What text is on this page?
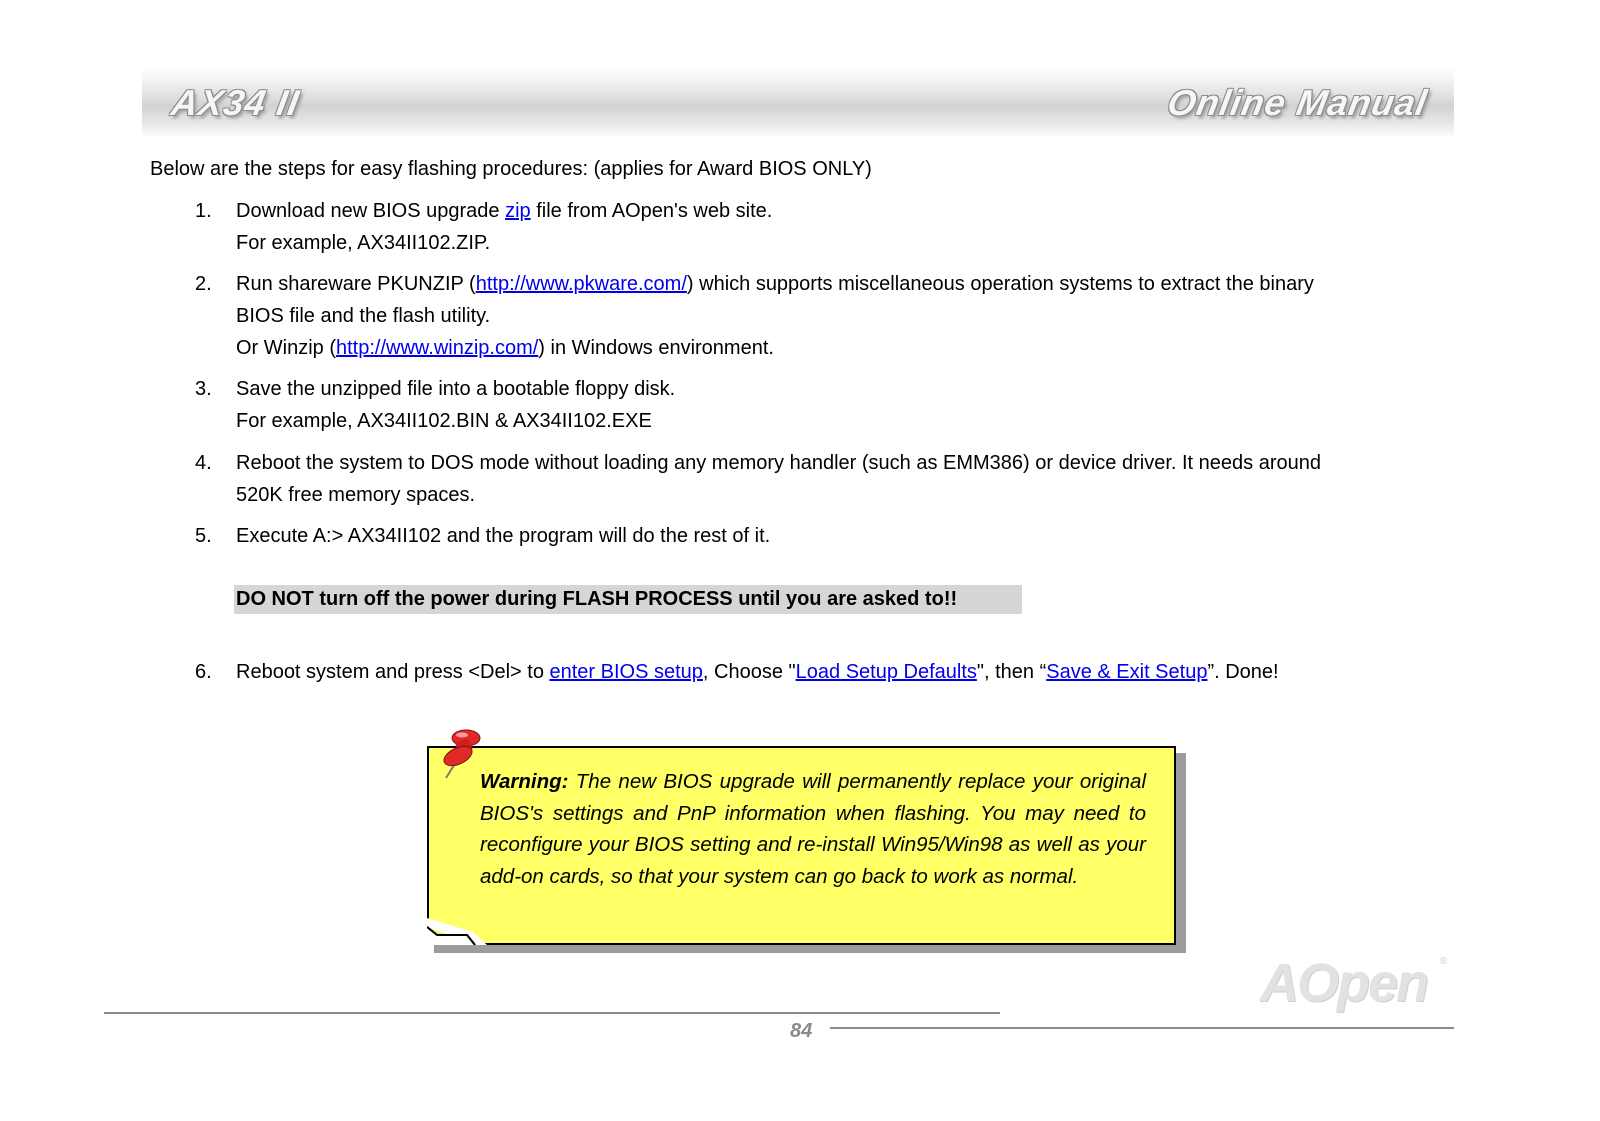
AX34 II	Online Manual
Below are the steps for easy flashing procedures: (applies for Award BIOS ONLY)
1. Download new BIOS upgrade zip file from AOpen's web site.
For example, AX34II102.ZIP.
2. Run shareware PKUNZIP (http://www.pkware.com/) which supports miscellaneous operation systems to extract the binary
BIOS file and the flash utility.
Or Winzip (http://www.winzip.com/) in Windows environment.
3. Save the unzipped file into a bootable floppy disk.
For example, AX34II102.BIN & AX34II102.EXE
4. Reboot the system to DOS mode without loading any memory handler (such as EMM386) or device driver. It needs around
520K free memory spaces.
5. Execute A:> AX34II102 and the program will do the rest of it.
DO NOT turn off the power during FLASH PROCESS until you are asked to!!
6. Reboot system and press <Del> to enter BIOS setup, Choose "Load Setup Defaults", then “Save & Exit Setup”. Done!
Warning: The new BIOS upgrade will permanently replace your original BIOS's settings and PnP information when flashing. You may need to reconfigure your BIOS setting and re-install Win95/Win98 as well as your add-on cards, so that your system can go back to work as normal.
AOpen ®
84
